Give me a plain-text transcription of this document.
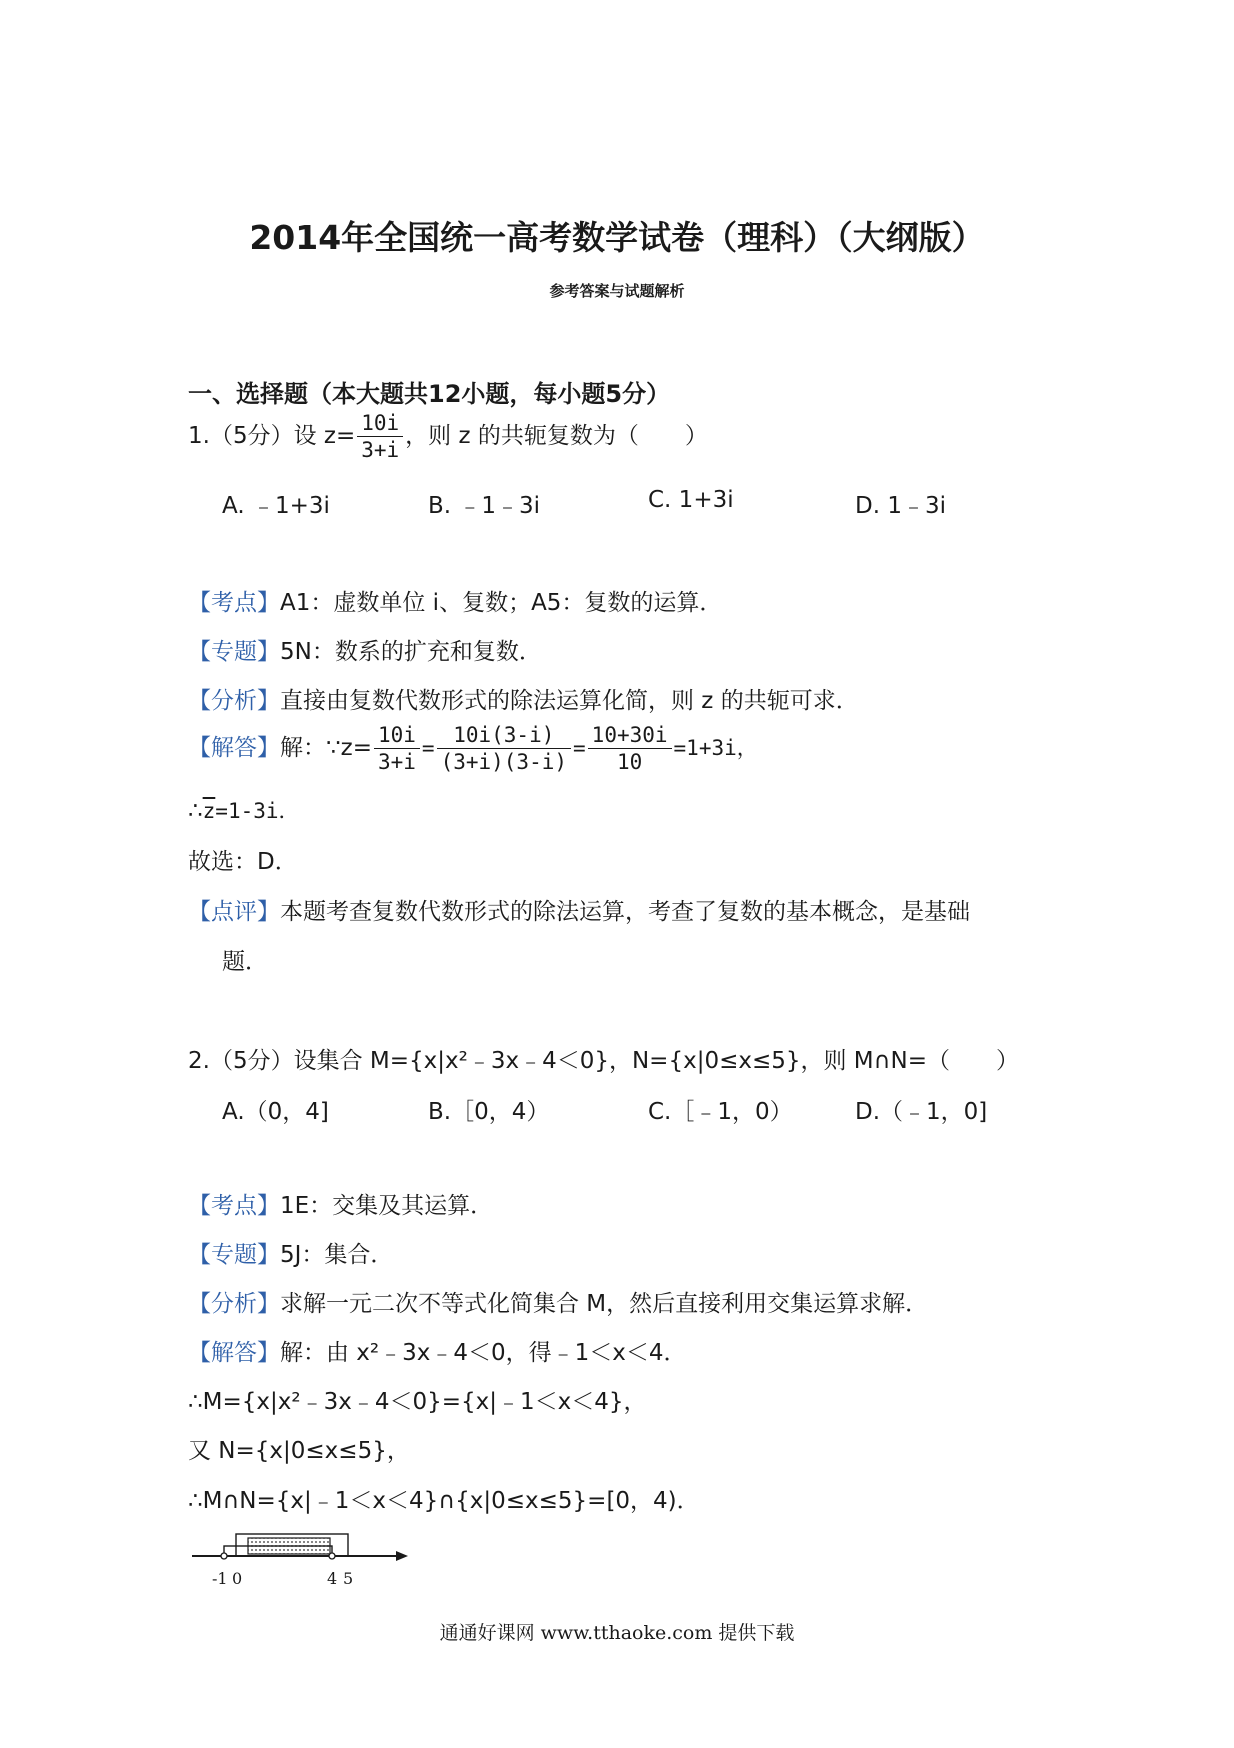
2014年全国统一高考数学试卷（理科）（大纲版）
参考答案与试题解析
一、选择题（本大题共12小题，每小题5分）
1.（5分）设 $z= \frac{10i}{3+i}$ ，则 z 的共轭复数为（　　）
A. ﹣1+3i	B. ﹣1﹣3i	C. 1+3i	D. 1﹣3i
【考点】A1：虚数单位 i、复数；A5：复数的运算．
【专题】5N：数系的扩充和复数．
【分析】直接由复数代数形式的除法运算化简，则 z 的共轭可求．
【解答】解：∵z= $\frac{10i}{3+i} = \frac{10i(3-i)}{(3+i)(3-i)} = \frac{10+30i}{10} =1+3i$，
$\therefore\overline{z}=1-3i$．
故选：D．
【点评】本题考查复数代数形式的除法运算，考查了复数的基本概念，是基础
题．
2.（5分）设集合 M={x|x²﹣3x﹣4＜0}，N={x|0≤x≤5}，则 M∩N=（　　）
A.（0，4]	B.［0，4）	C.［﹣1，0）	D.（﹣1，0]
【考点】1E：交集及其运算．
【专题】5J：集合．
【分析】求解一元二次不等式化简集合 M，然后直接利用交集运算求解．
【解答】解：由 x²﹣3x﹣4＜0，得﹣1＜x＜4．
∴M={x|x²﹣3x﹣4＜0}={x|﹣1＜x＜4}，
又 N={x|0≤x≤5}，
∴M∩N={x|﹣1＜x＜4}∩{x|0≤x≤5}=[0，4)．
-1 0	4 5
通通好课网 www.tthaoke.com 提供下载
